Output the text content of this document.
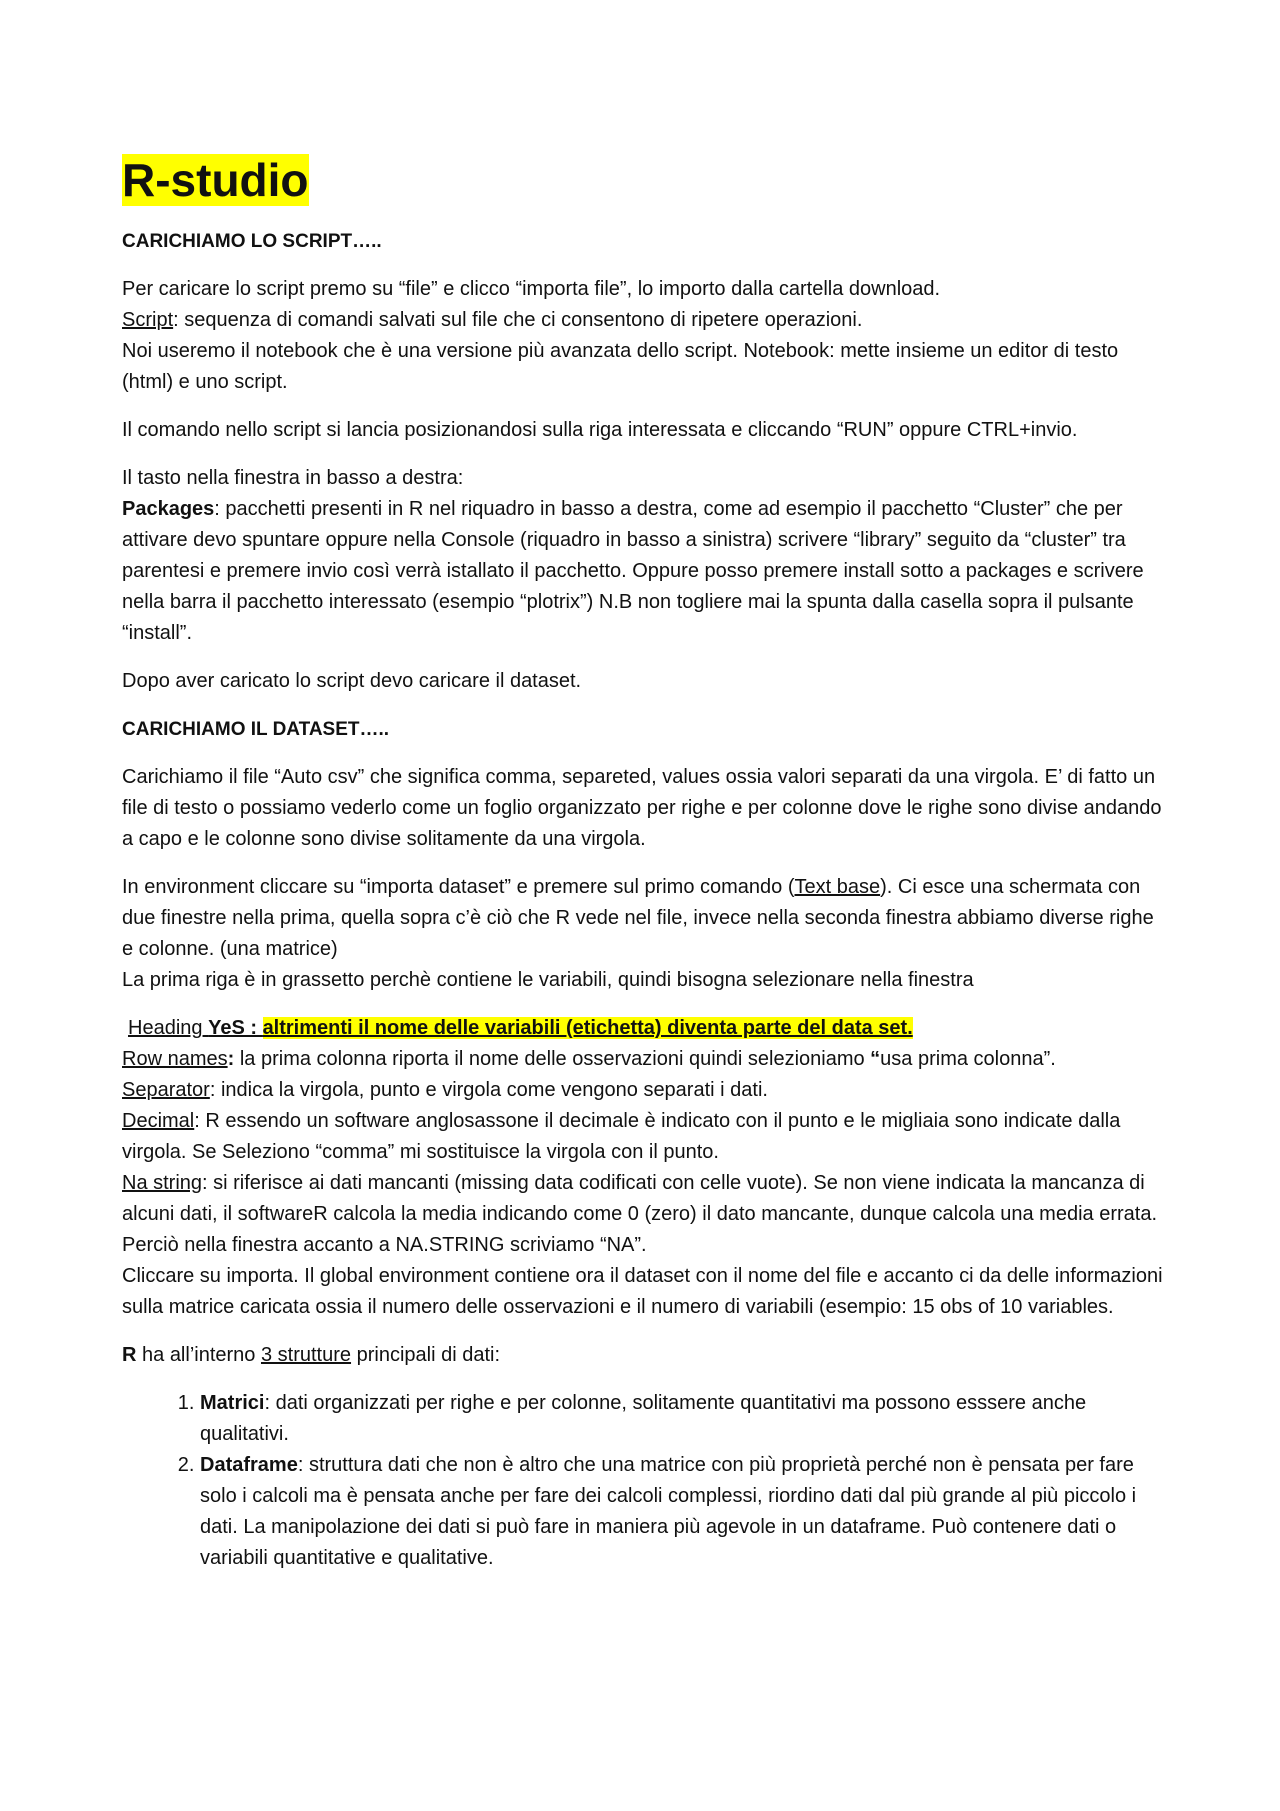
R-studio
CARICHIAMO LO SCRIPT…..

Per caricare lo script premo su “file” e clicco “importa file”, lo importo dalla cartella download.
Script: sequenza di comandi salvati sul file che ci consentono di ripetere operazioni.
Noi useremo il notebook che è una versione più avanzata dello script. Notebook: mette insieme un editor di testo (html) e uno script.

Il comando nello script si lancia posizionandosi sulla riga interessata e cliccando “RUN” oppure CTRL+invio.

Il tasto nella finestra in basso a destra:
Packages: pacchetti presenti in R nel riquadro in basso a destra, come ad esempio il pacchetto “Cluster” che per attivare devo spuntare oppure nella Console (riquadro in basso a sinistra) scrivere “library” seguito da “cluster” tra parentesi e premere invio così verrà istallato il pacchetto. Oppure posso premere install sotto a packages e scrivere nella barra il pacchetto interessato (esempio “plotrix”) N.B non togliere mai la spunta dalla casella sopra il pulsante “install”.

Dopo aver caricato lo script devo caricare il dataset.

CARICHIAMO IL DATASET…..

Carichiamo il file “Auto csv” che significa comma, separeted, values ossia valori separati da una virgola. E’ di fatto un file di testo o possiamo vederlo come un foglio organizzato per righe e per colonne dove le righe sono divise andando a capo e le colonne sono divise solitamente da una virgola.

In environment cliccare su “importa dataset” e premere sul primo comando (Text base). Ci esce una schermata con due finestre nella prima, quella sopra c’è ciò che R vede nel file, invece nella seconda finestra abbiamo diverse righe e colonne. (una matrice)
La prima riga è in grassetto perchè contiene le variabili, quindi bisogna selezionare nella finestra

Heading YeS : altrimenti il nome delle variabili (etichetta) diventa parte del data set.
Row names: la prima colonna riporta il nome delle osservazioni quindi selezioniamo “usa prima colonna”.
Separator: indica la virgola, punto e virgola come vengono separati i dati.
Decimal: R essendo un software anglosassone il decimale è indicato con il punto e le migliaia sono indicate dalla virgola. Se Seleziono “comma” mi sostituisce la virgola con il punto.
Na string: si riferisce ai dati mancanti (missing data codificati con celle vuote). Se non viene indicata la mancanza di alcuni dati, il softwareR calcola la media indicando come 0 (zero) il dato mancante, dunque calcola una media errata. Perciò nella finestra accanto a NA.STRING scriviamo “NA”.
Cliccare su importa. Il global environment contiene ora il dataset con il nome del file e accanto ci da delle informazioni sulla matrice caricata ossia il numero delle osservazioni e il numero di variabili (esempio: 15 obs of 10 variables.

R ha all’interno 3 strutture principali di dati:

1. Matrici: dati organizzati per righe e per colonne, solitamente quantitativi ma possono esssere anche qualitativi.
2. Dataframe: struttura dati che non è altro che una matrice con più proprietà perché non è pensata per fare solo i calcoli ma è pensata anche per fare dei calcoli complessi, riordino dati dal più grande al più piccolo i dati. La manipolazione dei dati si può fare in maniera più agevole in un dataframe. Può contenere dati o variabili quantitative e qualitative.
